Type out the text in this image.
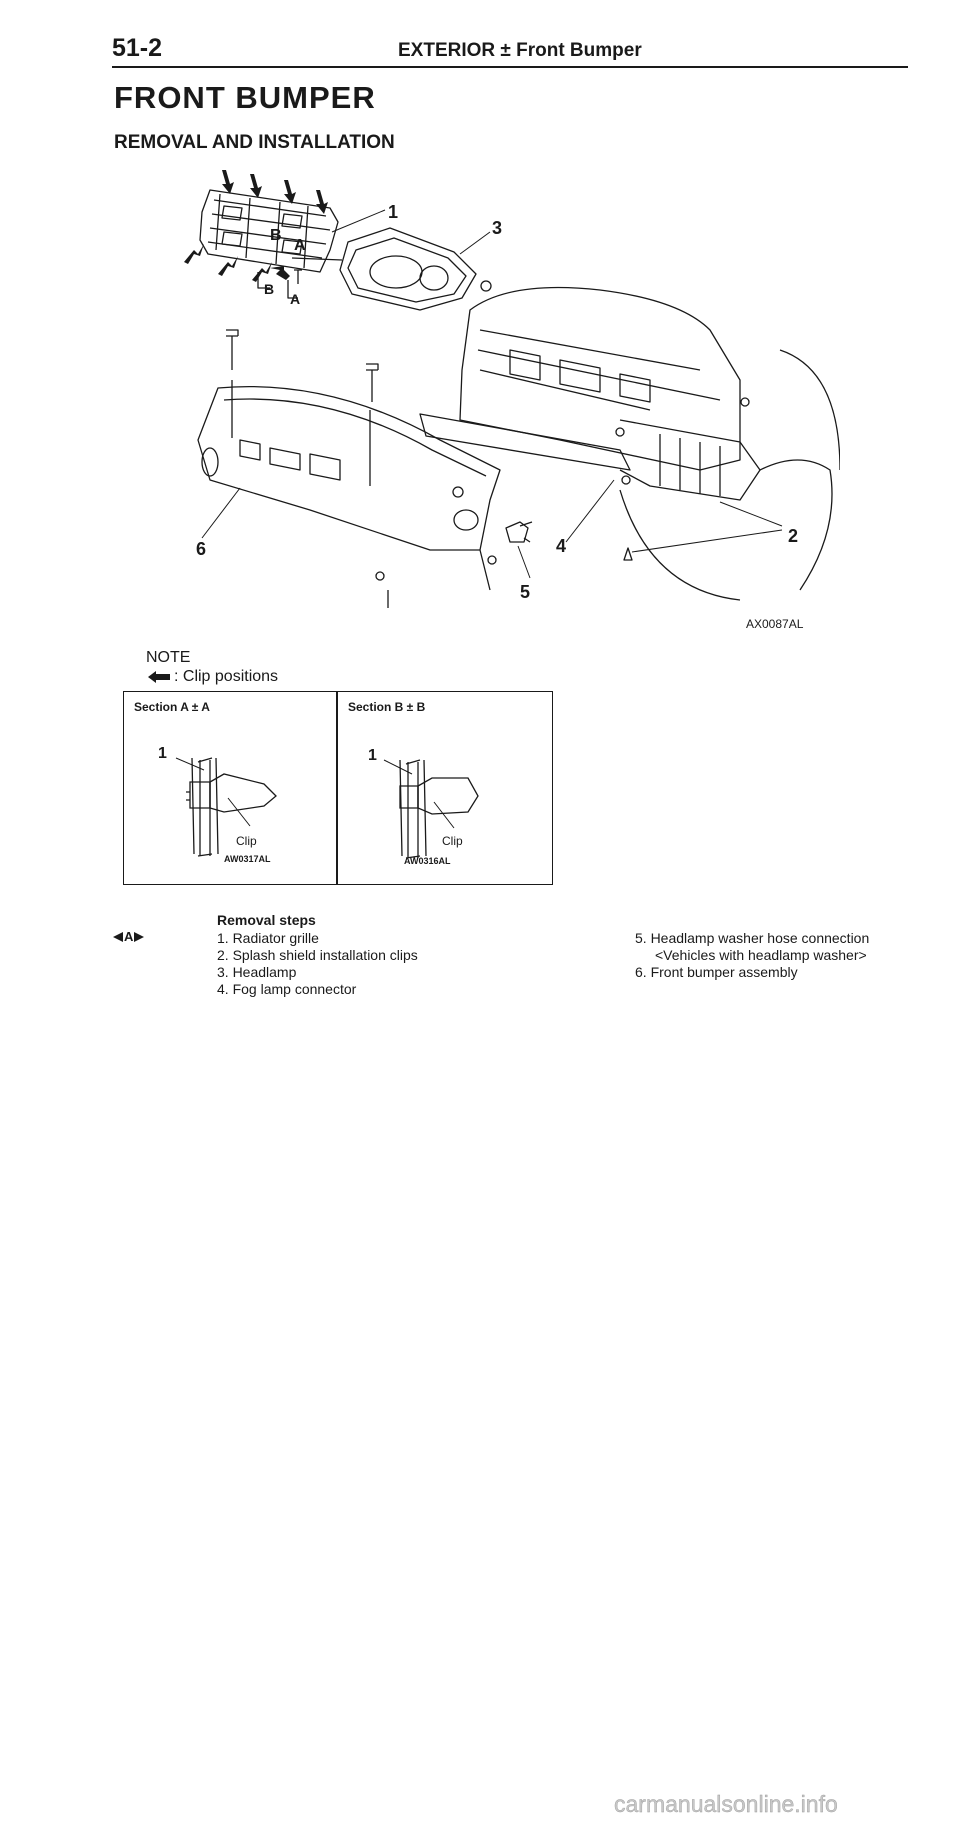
51-2	EXTERIOR ± Front Bumper
FRONT BUMPER
REMOVAL AND INSTALLATION
B
A
B
A
1
3
6
5
4	2
AX0087AL
NOTE
: Clip positions
Section A ± A
1
Clip
AW0317AL
Section B ± B
1
Clip
AW0316AL
Removal steps
A	1. Radiator grille
2. Splash shield installation clips
3. Headlamp
4. Fog lamp connector
5. Headlamp washer hose connection
<Vehicles with headlamp washer>
6. Front bumper assembly
carmanualsonline.info
